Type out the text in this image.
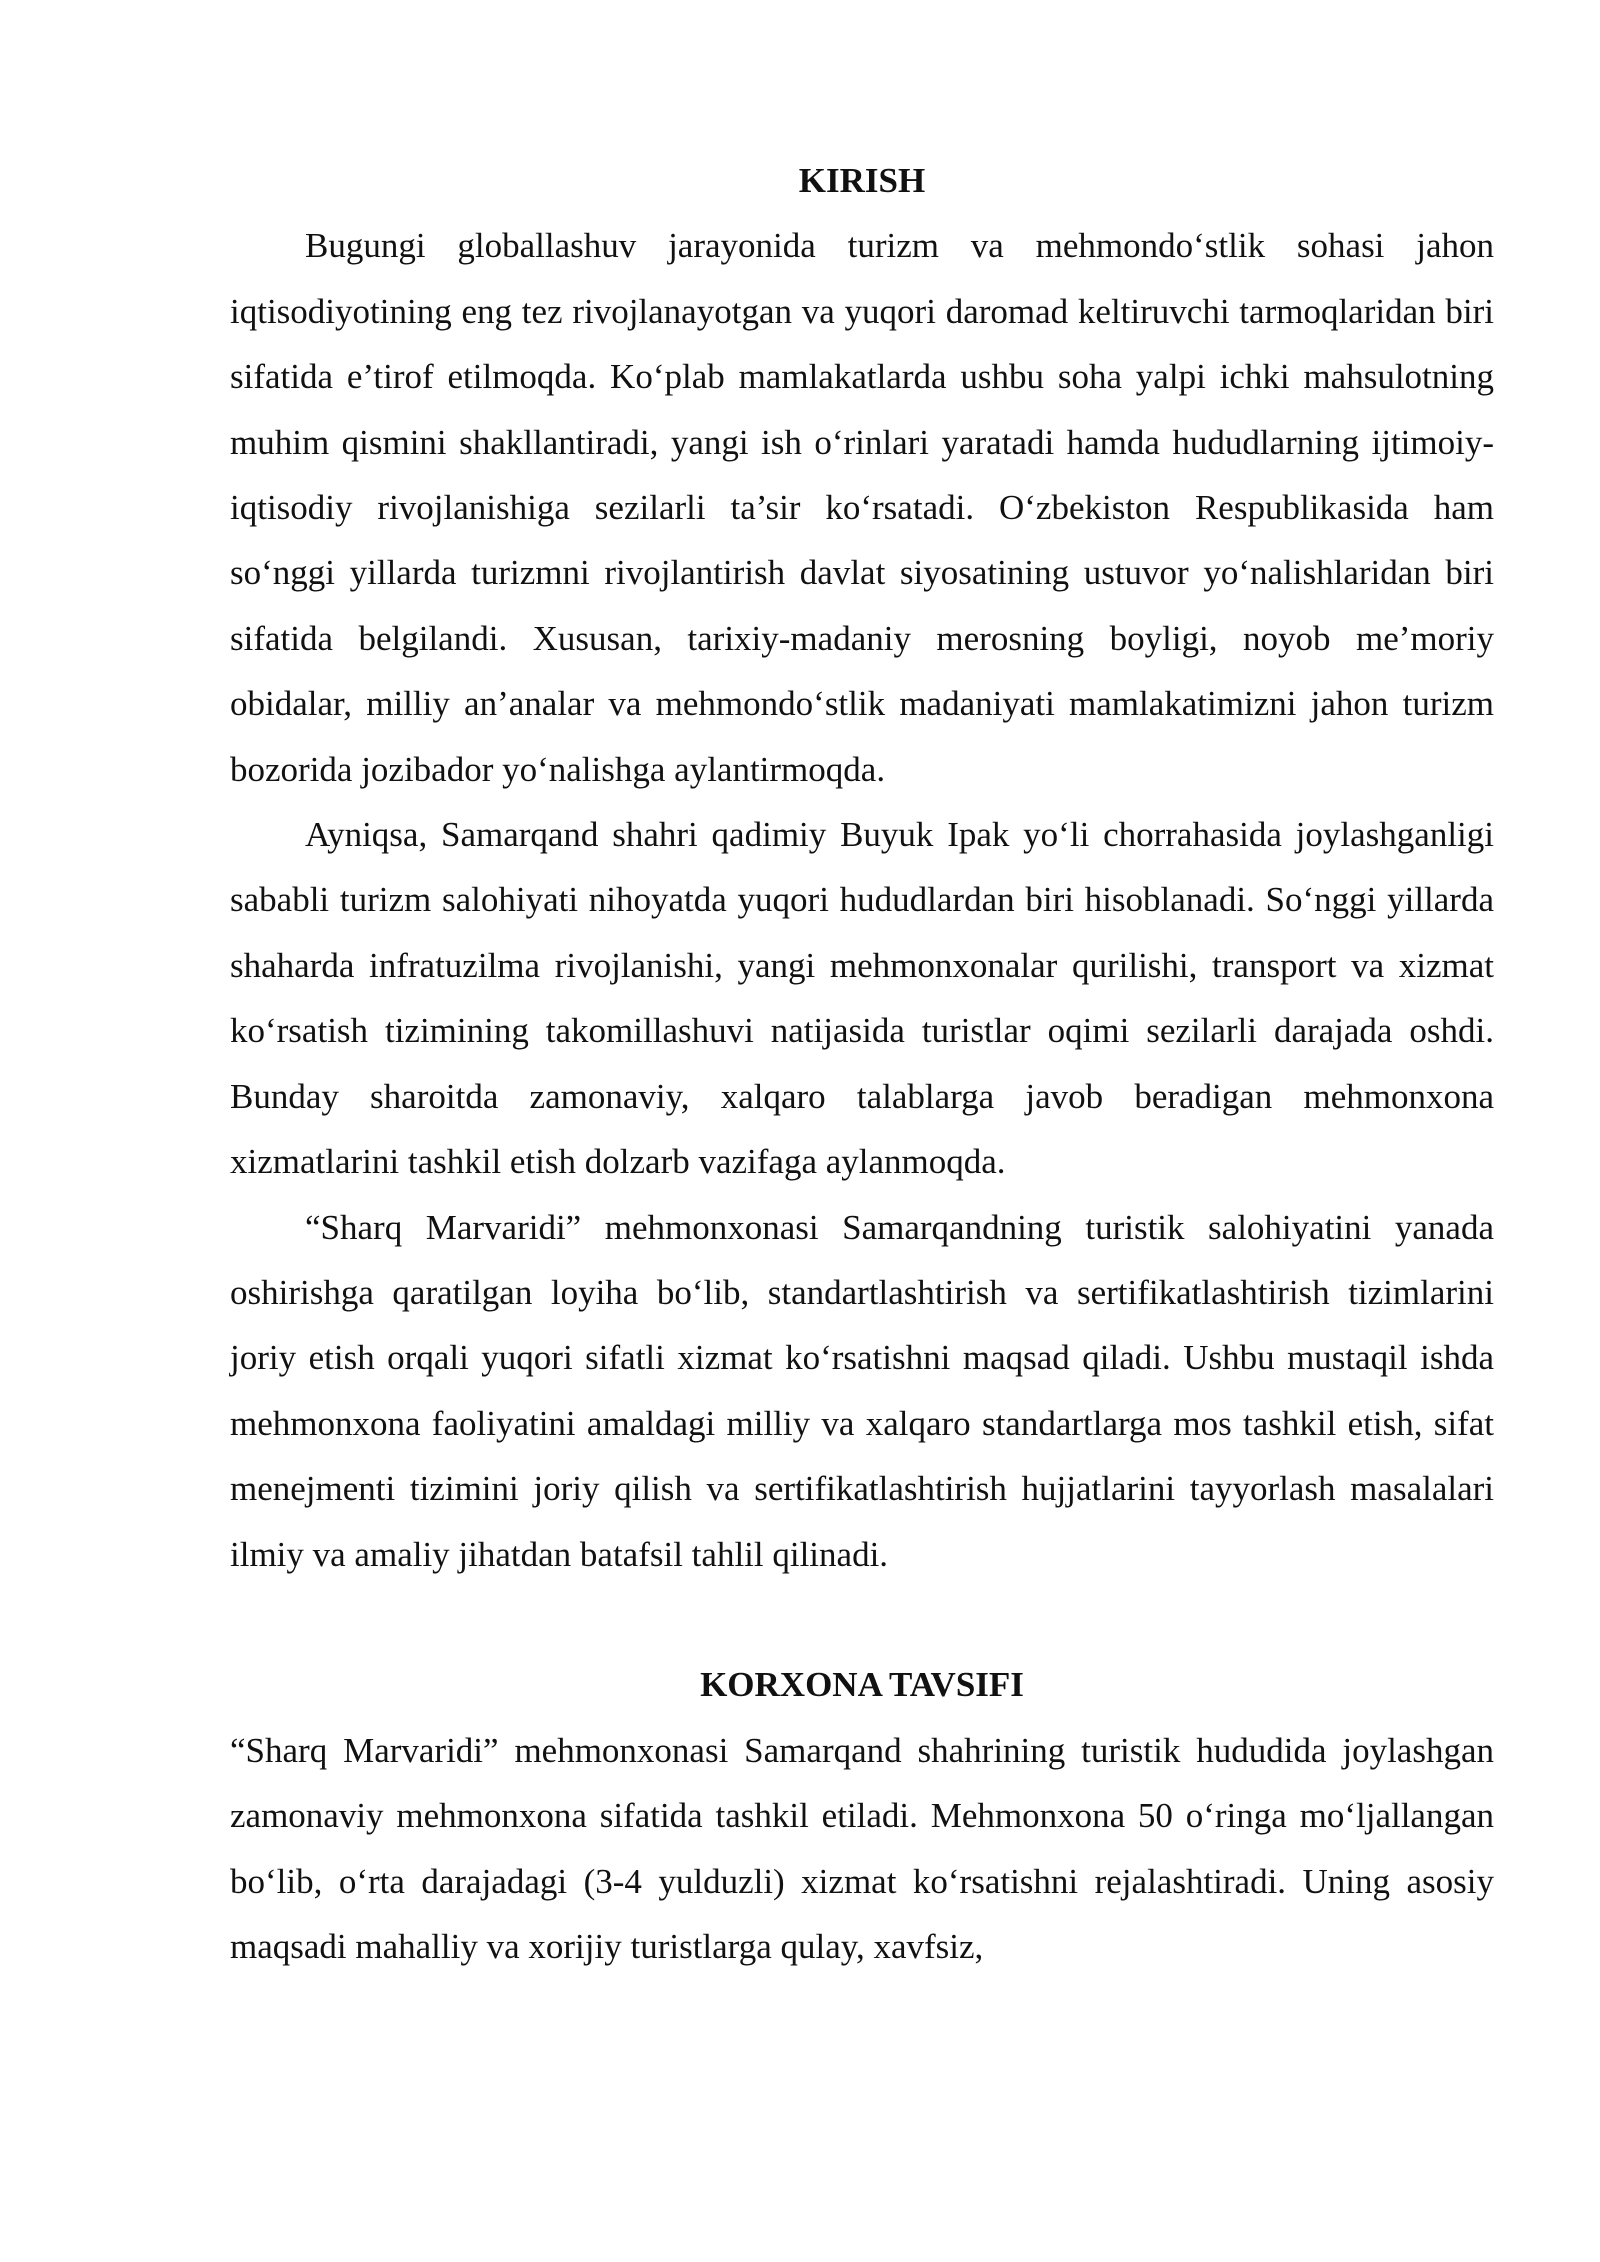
KIRISH

Bugungi globallashuv jarayonida turizm va mehmondo‘stlik sohasi jahon iqtisodiyotining eng tez rivojlanayotgan va yuqori daromad keltiruvchi tarmoqlaridan biri sifatida e’tirof etilmoqda. Ko‘plab mamlakatlarda ushbu soha yalpi ichki mahsulotning muhim qismini shakllantiradi, yangi ish o‘rinlari yaratadi hamda hududlarning ijtimoiy-iqtisodiy rivojlanishiga sezilarli ta’sir ko‘rsatadi. O‘zbekiston Respublikasida ham so‘nggi yillarda turizmni rivojlantirish davlat siyosatining ustuvor yo‘nalishlaridan biri sifatida belgilandi. Xususan, tarixiy-madaniy merosning boyligi, noyob me’moriy obidalar, milliy an’analar va mehmondo‘stlik madaniyati mamlakatimizni jahon turizm bozorida jozibador yo‘nalishga aylantirmoqda.

Ayniqsa, Samarqand shahri qadimiy Buyuk Ipak yo‘li chorrahasida joylashganligi sababli turizm salohiyati nihoyatda yuqori hududlardan biri hisoblanadi. So‘nggi yillarda shaharda infratuzilma rivojlanishi, yangi mehmonxonalar qurilishi, transport va xizmat ko‘rsatish tizimining takomillashuvi natijasida turistlar oqimi sezilarli darajada oshdi. Bunday sharoitda zamonaviy, xalqaro talablarga javob beradigan mehmonxona xizmatlarini tashkil etish dolzarb vazifaga aylanmoqda.

“Sharq Marvaridi” mehmonxonasi Samarqandning turistik salohiyatini yanada oshirishga qaratilgan loyiha bo‘lib, standartlashtirish va sertifikatlashtirish tizimlarini joriy etish orqali yuqori sifatli xizmat ko‘rsatishni maqsad qiladi. Ushbu mustaqil ishda mehmonxona faoliyatini amaldagi milliy va xalqaro standartlarga mos tashkil etish, sifat menejmenti tizimini joriy qilish va sertifikatlashtirish hujjatlarini tayyorlash masalalari ilmiy va amaliy jihatdan batafsil tahlil qilinadi.

KORXONA TAVSIFI

“Sharq Marvaridi” mehmonxonasi Samarqand shahrining turistik hududida joylashgan zamonaviy mehmonxona sifatida tashkil etiladi. Mehmonxona 50 o‘ringa mo‘ljallangan bo‘lib, o‘rta darajadagi (3-4 yulduzli) xizmat ko‘rsatishni rejalashtiradi. Uning asosiy maqsadi mahalliy va xorijiy turistlarga qulay, xavfsiz,
